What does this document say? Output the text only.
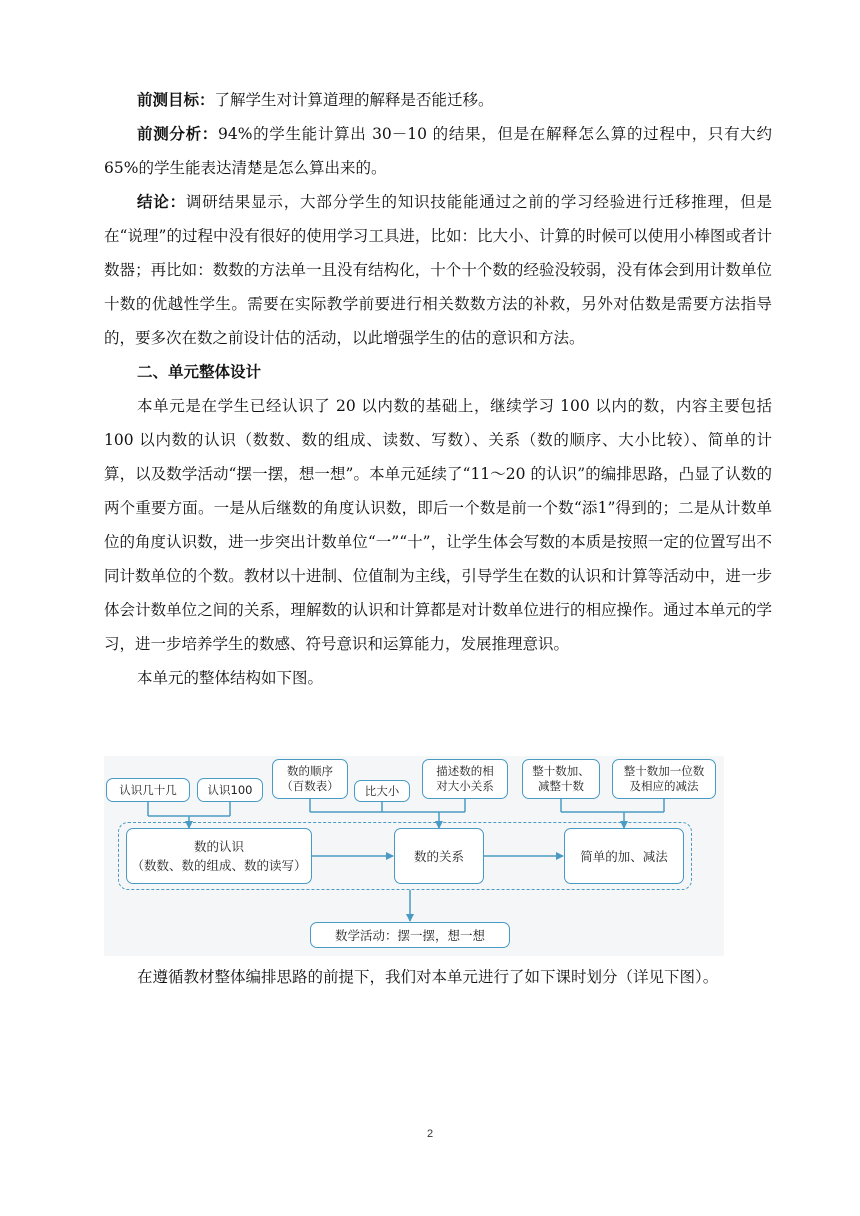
前测目标：了解学生对计算道理的解释是否能迁移。

前测分析：94%的学生能计算出 30－10 的结果，但是在解释怎么算的过程中，只有大约 65%的学生能表达清楚是怎么算出来的。

结论：调研结果显示，大部分学生的知识技能能通过之前的学习经验进行迁移推理，但是在“说理”的过程中没有很好的使用学习工具进，比如：比大小、计算的时候可以使用小棒图或者计数器；再比如：数数的方法单一且没有结构化，十个十个数的经验没较弱，没有体会到用计数单位十数的优越性学生。需要在实际教学前要进行相关数数方法的补救，另外对估数是需要方法指导的，要多次在数之前设计估的活动，以此增强学生的估的意识和方法。

二、单元整体设计

本单元是在学生已经认识了 20 以内数的基础上，继续学习 100 以内的数，内容主要包括100 以内数的认识（数数、数的组成、读数、写数）、关系（数的顺序、大小比较）、简单的计算，以及数学活动“摆一摆，想一想”。本单元延续了“11～20 的认识”的编排思路，凸显了认数的两个重要方面。一是从后继数的角度认识数，即后一个数是前一个数“添1”得到的；二是从计数单位的角度认识数，进一步突出计数单位“一”“十”，让学生体会写数的本质是按照一定的位置写出不同计数单位的个数。教材以十进制、位值制为主线，引导学生在数的认识和计算等活动中，进一步体会计数单位之间的关系，理解数的认识和计算都是对计数单位进行的相应操作。通过本单元的学习，进一步培养学生的数感、符号意识和运算能力，发展推理意识。

本单元的整体结构如下图。

认识几十几	认识100
数的顺序
（百数表）	比大小
描述数的相
对大小关系
整十数加、
减整十数
整十数加一位数
及相应的减法
数的认识
（数数、数的组成、数的读写）
数的关系	简单的加、减法
数学活动：摆一摆，想一想

在遵循教材整体编排思路的前提下，我们对本单元进行了如下课时划分（详见下图）。

2
